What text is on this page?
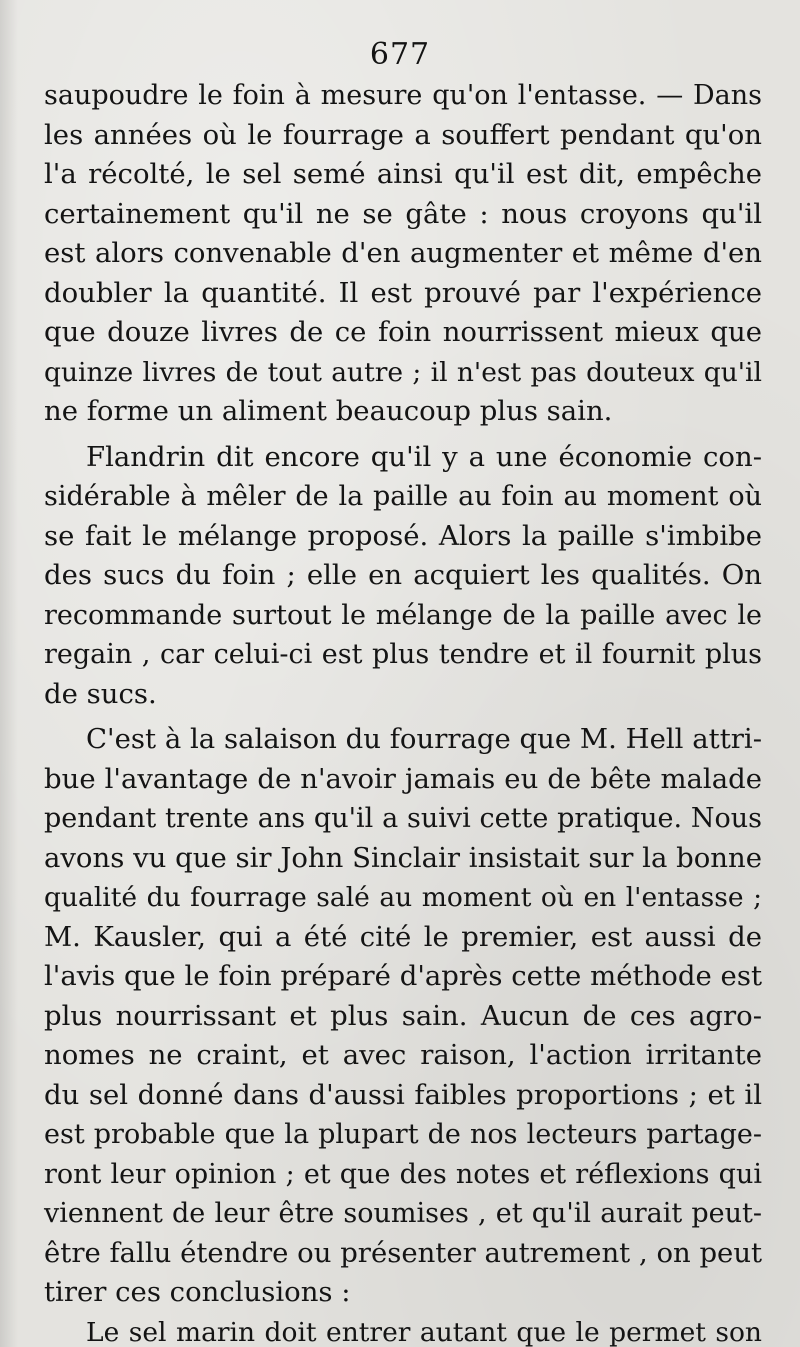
677
saupoudre le foin à mesure qu'on l'entasse. — Dans
les années où le fourrage a souffert pendant qu'on
l'a récolté, le sel semé ainsi qu'il est dit, empêche
certainement qu'il ne se gâte : nous croyons qu'il
est alors convenable d'en augmenter et même d'en
doubler la quantité. Il est prouvé par l'expérience
que douze livres de ce foin nourrissent mieux que
quinze livres de tout autre ; il n'est pas douteux qu'il
ne forme un aliment beaucoup plus sain.
Flandrin dit encore qu'il y a une économie con-
sidérable à mêler de la paille au foin au moment où
se fait le mélange proposé. Alors la paille s'imbibe
des sucs du foin ; elle en acquiert les qualités. On
recommande surtout le mélange de la paille avec le
regain , car celui-ci est plus tendre et il fournit plus
de sucs.
C'est à la salaison du fourrage que M. Hell attri-
bue l'avantage de n'avoir jamais eu de bête malade
pendant trente ans qu'il a suivi cette pratique. Nous
avons vu que sir John Sinclair insistait sur la bonne
qualité du fourrage salé au moment où en l'entasse ;
M. Kausler, qui a été cité le premier, est aussi de
l'avis que le foin préparé d'après cette méthode est
plus nourrissant et plus sain. Aucun de ces agro-
nomes ne craint, et avec raison, l'action irritante
du sel donné dans d'aussi faibles proportions ; et il
est probable que la plupart de nos lecteurs partage-
ront leur opinion ; et que des notes et réflexions qui
viennent de leur être soumises , et qu'il aurait peut-
être fallu étendre ou présenter autrement , on peut
tirer ces conclusions :
Le sel marin doit entrer autant que le permet son
